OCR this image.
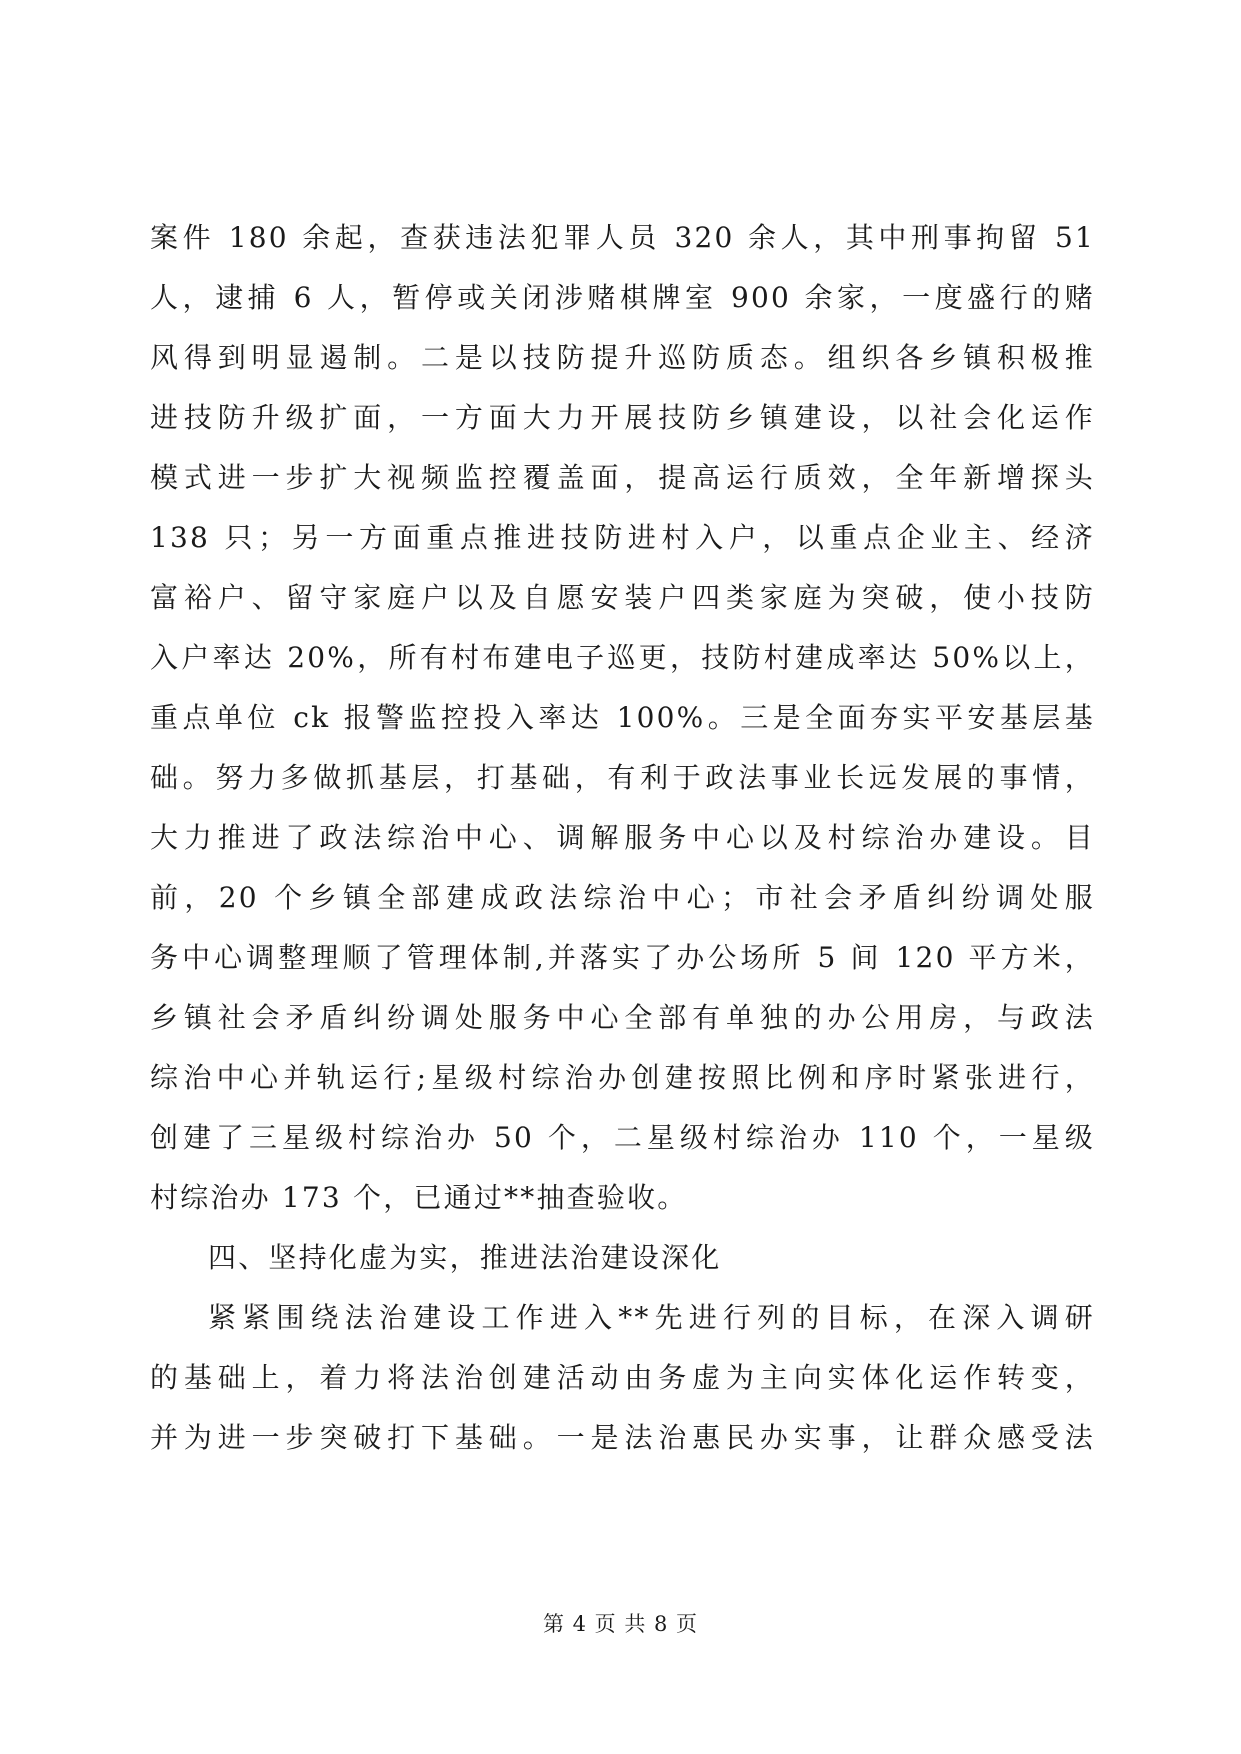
案件 180 余起，查获违法犯罪人员 320 余人，其中刑事拘留 51
人，逮捕 6 人，暂停或关闭涉赌棋牌室 900 余家，一度盛行的赌
风得到明显遏制。二是以技防提升巡防质态。组织各乡镇积极推
进技防升级扩面，一方面大力开展技防乡镇建设，以社会化运作
模式进一步扩大视频监控覆盖面，提高运行质效，全年新增探头
138 只；另一方面重点推进技防进村入户，以重点企业主、经济
富裕户、留守家庭户以及自愿安装户四类家庭为突破，使小技防
入户率达 20%，所有村布建电子巡更，技防村建成率达 50%以上，
重点单位 ck 报警监控投入率达 100%。三是全面夯实平安基层基
础。努力多做抓基层，打基础，有利于政法事业长远发展的事情，
大力推进了政法综治中心、调解服务中心以及村综治办建设。目
前，20 个乡镇全部建成政法综治中心；市社会矛盾纠纷调处服
务中心调整理顺了管理体制,并落实了办公场所 5 间 120 平方米，
乡镇社会矛盾纠纷调处服务中心全部有单独的办公用房，与政法
综治中心并轨运行;星级村综治办创建按照比例和序时紧张进行，
创建了三星级村综治办 50 个，二星级村综治办 110 个，一星级
村综治办 173 个，已通过**抽查验收。
四、坚持化虚为实，推进法治建设深化
紧紧围绕法治建设工作进入**先进行列的目标，在深入调研
的基础上，着力将法治创建活动由务虚为主向实体化运作转变，
并为进一步突破打下基础。一是法治惠民办实事，让群众感受法
第 4 页 共 8 页
